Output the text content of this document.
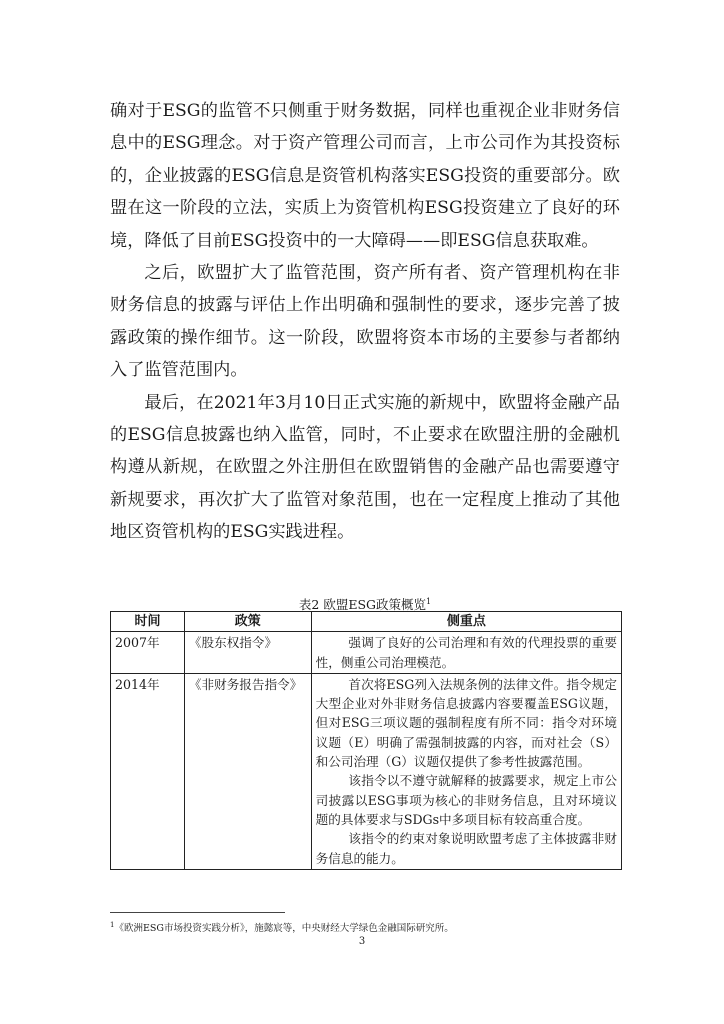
确对于ESG的监管不只侧重于财务数据，同样也重视企业非财务信息中的ESG理念。对于资产管理公司而言，上市公司作为其投资标的，企业披露的ESG信息是资管机构落实ESG投资的重要部分。欧盟在这一阶段的立法，实质上为资管机构ESG投资建立了良好的环境，降低了目前ESG投资中的一大障碍——即ESG信息获取难。

之后，欧盟扩大了监管范围，资产所有者、资产管理机构在非财务信息的披露与评估上作出明确和强制性的要求，逐步完善了披露政策的操作细节。这一阶段，欧盟将资本市场的主要参与者都纳入了监管范围内。

最后，在2021年3月10日正式实施的新规中，欧盟将金融产品的ESG信息披露也纳入监管，同时，不止要求在欧盟注册的金融机构遵从新规，在欧盟之外注册但在欧盟销售的金融产品也需要遵守新规要求，再次扩大了监管对象范围，也在一定程度上推动了其他地区资管机构的ESG实践进程。

表2 欧盟ESG政策概览$^1$
时间	政策	侧重点
2007年	《股东权指令》	强调了良好的公司治理和有效的代理投票的重要性，侧重公司治理模范。

2014年	《非财务报告指令》	首次将ESG列入法规条例的法律文件。指令规定大型企业对外非财务信息披露内容要覆盖ESG议题，但对ESG三项议题的强制程度有所不同：指令对环境议题（E）明确了需强制披露的内容，而对社会（S）和公司治理（G）议题仅提供了参考性披露范围。

该指令以不遵守就解释的披露要求，规定上市公司披露以ESG事项为核心的非财务信息，且对环境议题的具体要求与SDGs中多项目标有较高重合度。

该指令的约束对象说明欧盟考虑了主体披露非财务信息的能力。

$^1$《欧洲ESG市场投资实践分析》，施懿宸等，中央财经大学绿色金融国际研究所。
3
